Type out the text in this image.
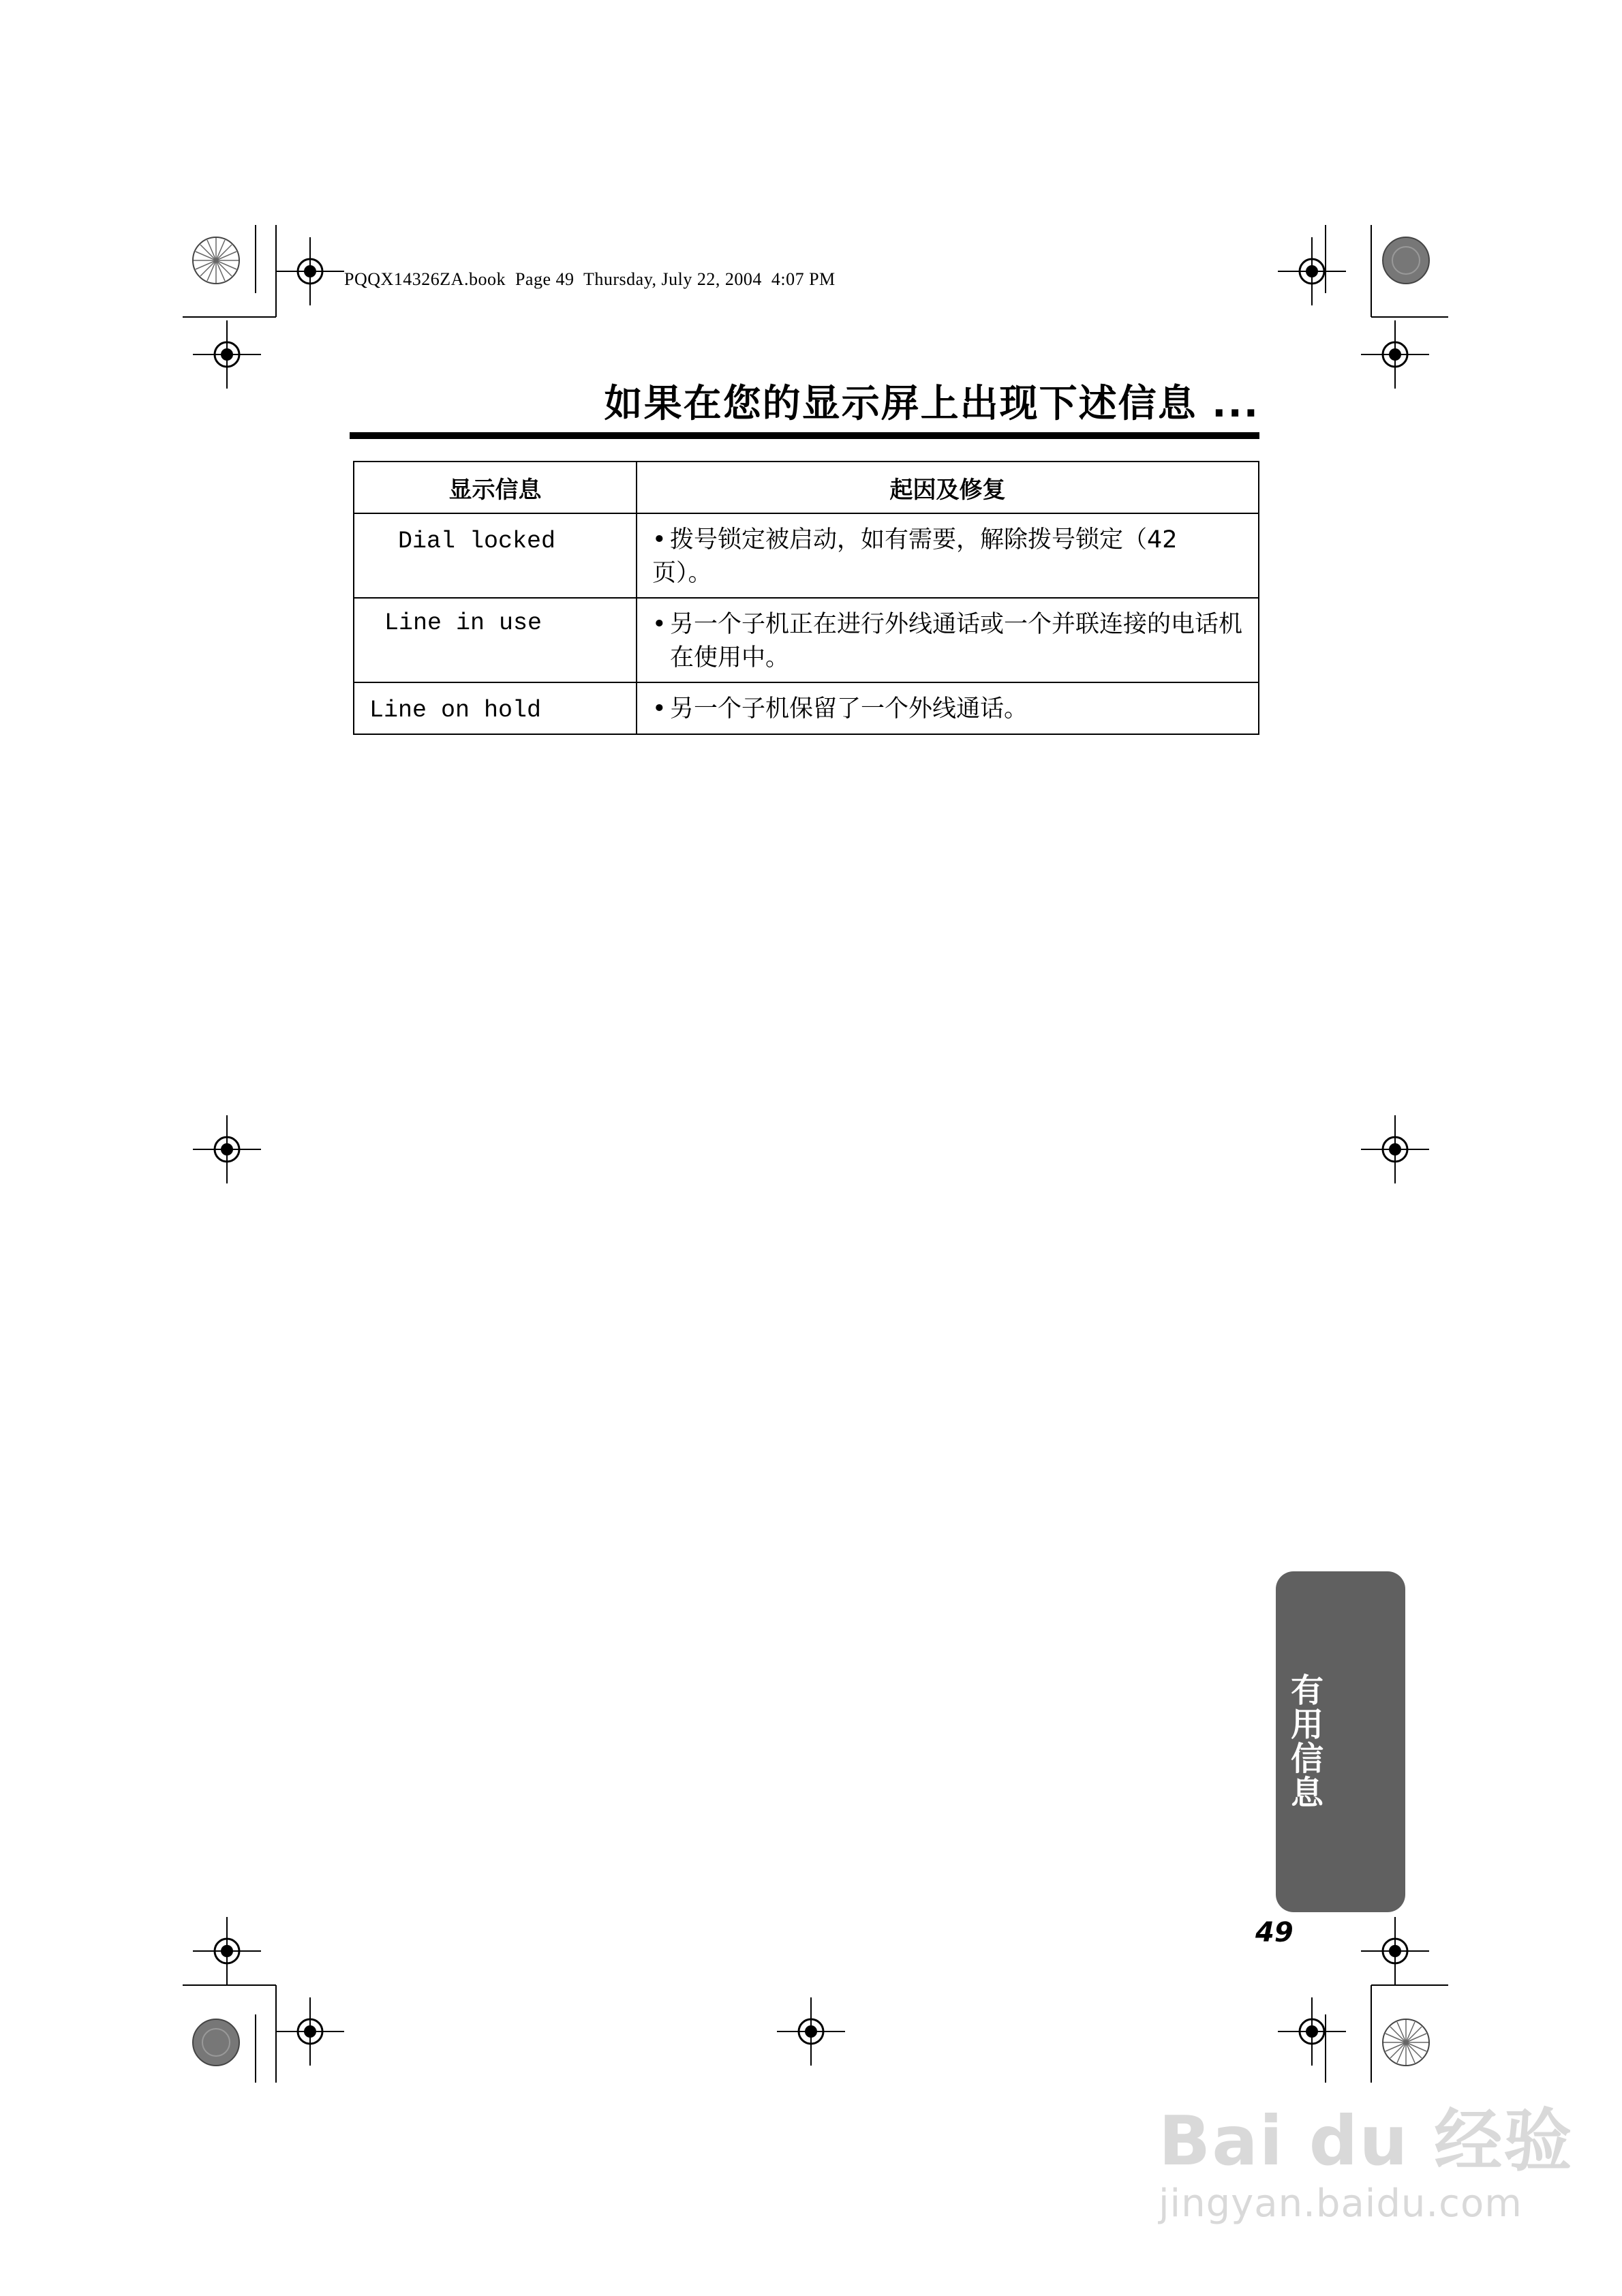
PQQX14326ZA.book  Page 49  Thursday, July 22, 2004  4:07 PM
如果在您的显示屏上出现下述信息 ...
显示信息	起因及修复

Dial locked	• 拨号锁定被启动，如有需要，解除拨号锁定（42 页）。

Line in use	• 另一个子机正在进行外线通话或一个并联连接的电话机在使用中。

Line on hold	• 另一个子机保留了一个外线通话。
有用信息
49
Bai du 经验
jingyan.baidu.com
